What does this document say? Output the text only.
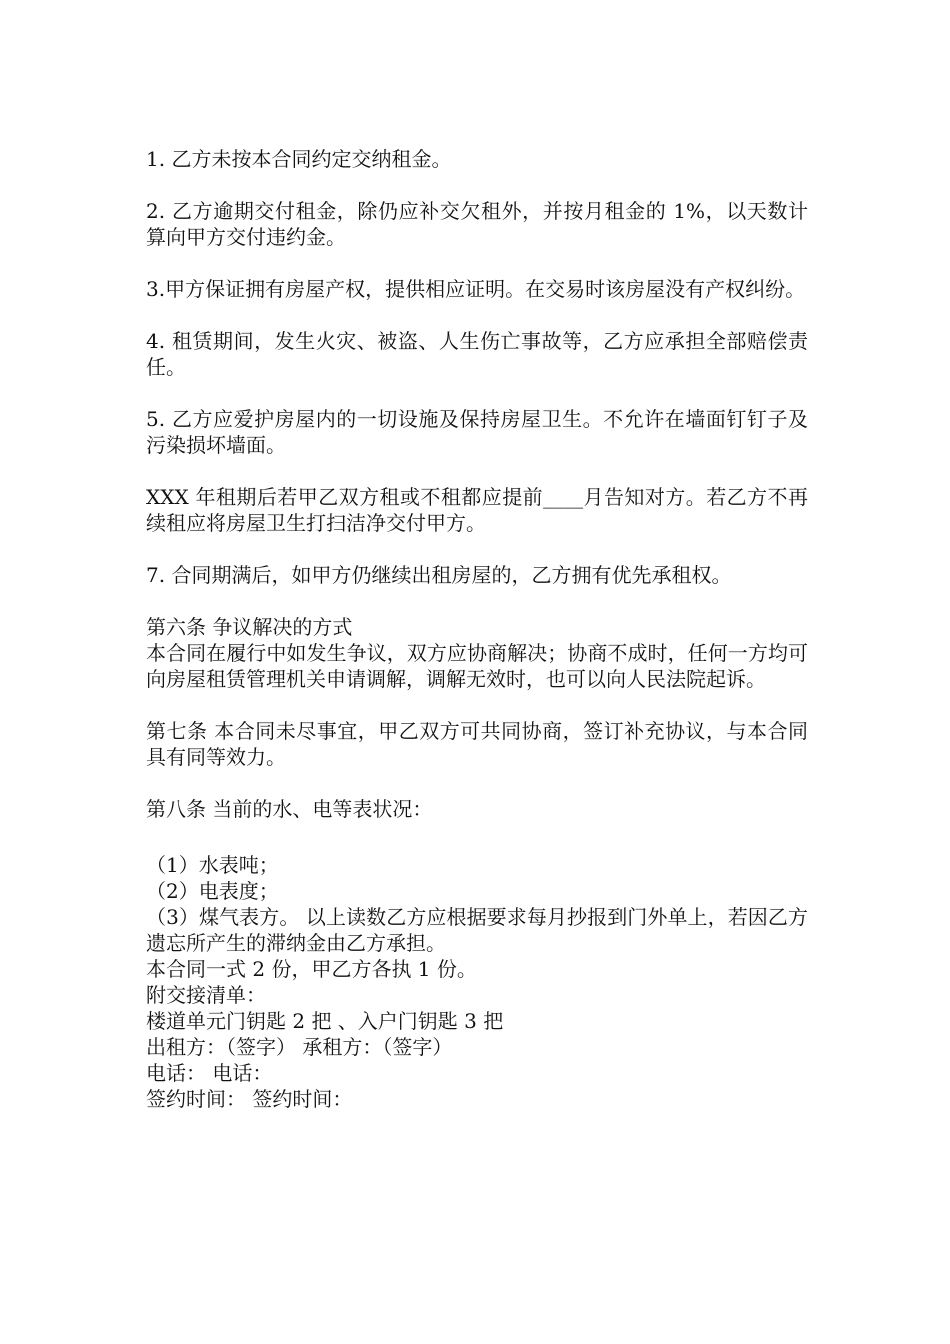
1. 乙方未按本合同约定交纳租金。

2. 乙方逾期交付租金，除仍应补交欠租外，并按月租金的 1%，以天数计算向甲方交付违约金。

3.甲方保证拥有房屋产权，提供相应证明。在交易时该房屋没有产权纠纷。

4. 租赁期间，发生火灾、被盗、人生伤亡事故等，乙方应承担全部赔偿责任。

5. 乙方应爱护房屋内的一切设施及保持房屋卫生。不允许在墙面钉钉子及污染损坏墙面。

XXX 年租期后若甲乙双方租或不租都应提前____月告知对方。若乙方不再续租应将房屋卫生打扫洁净交付甲方。

7. 合同期满后，如甲方仍继续出租房屋的，乙方拥有优先承租权。

第六条 争议解决的方式

本合同在履行中如发生争议，双方应协商解决；协商不成时，任何一方均可向房屋租赁管理机关申请调解，调解无效时，也可以向人民法院起诉。

第七条 本合同未尽事宜，甲乙双方可共同协商，签订补充协议，与本合同具有同等效力。

第八条 当前的水、电等表状况：

（1）水表吨；

（2）电表度；

（3）煤气表方。 以上读数乙方应根据要求每月抄报到门外单上，若因乙方遗忘所产生的滞纳金由乙方承担。

本合同一式 2 份，甲乙方各执 1 份。

附交接清单：

楼道单元门钥匙 2 把 、入户门钥匙 3 把

出租方：（签字） 承租方：（签字）

电话： 电话：

签约时间： 签约时间：
